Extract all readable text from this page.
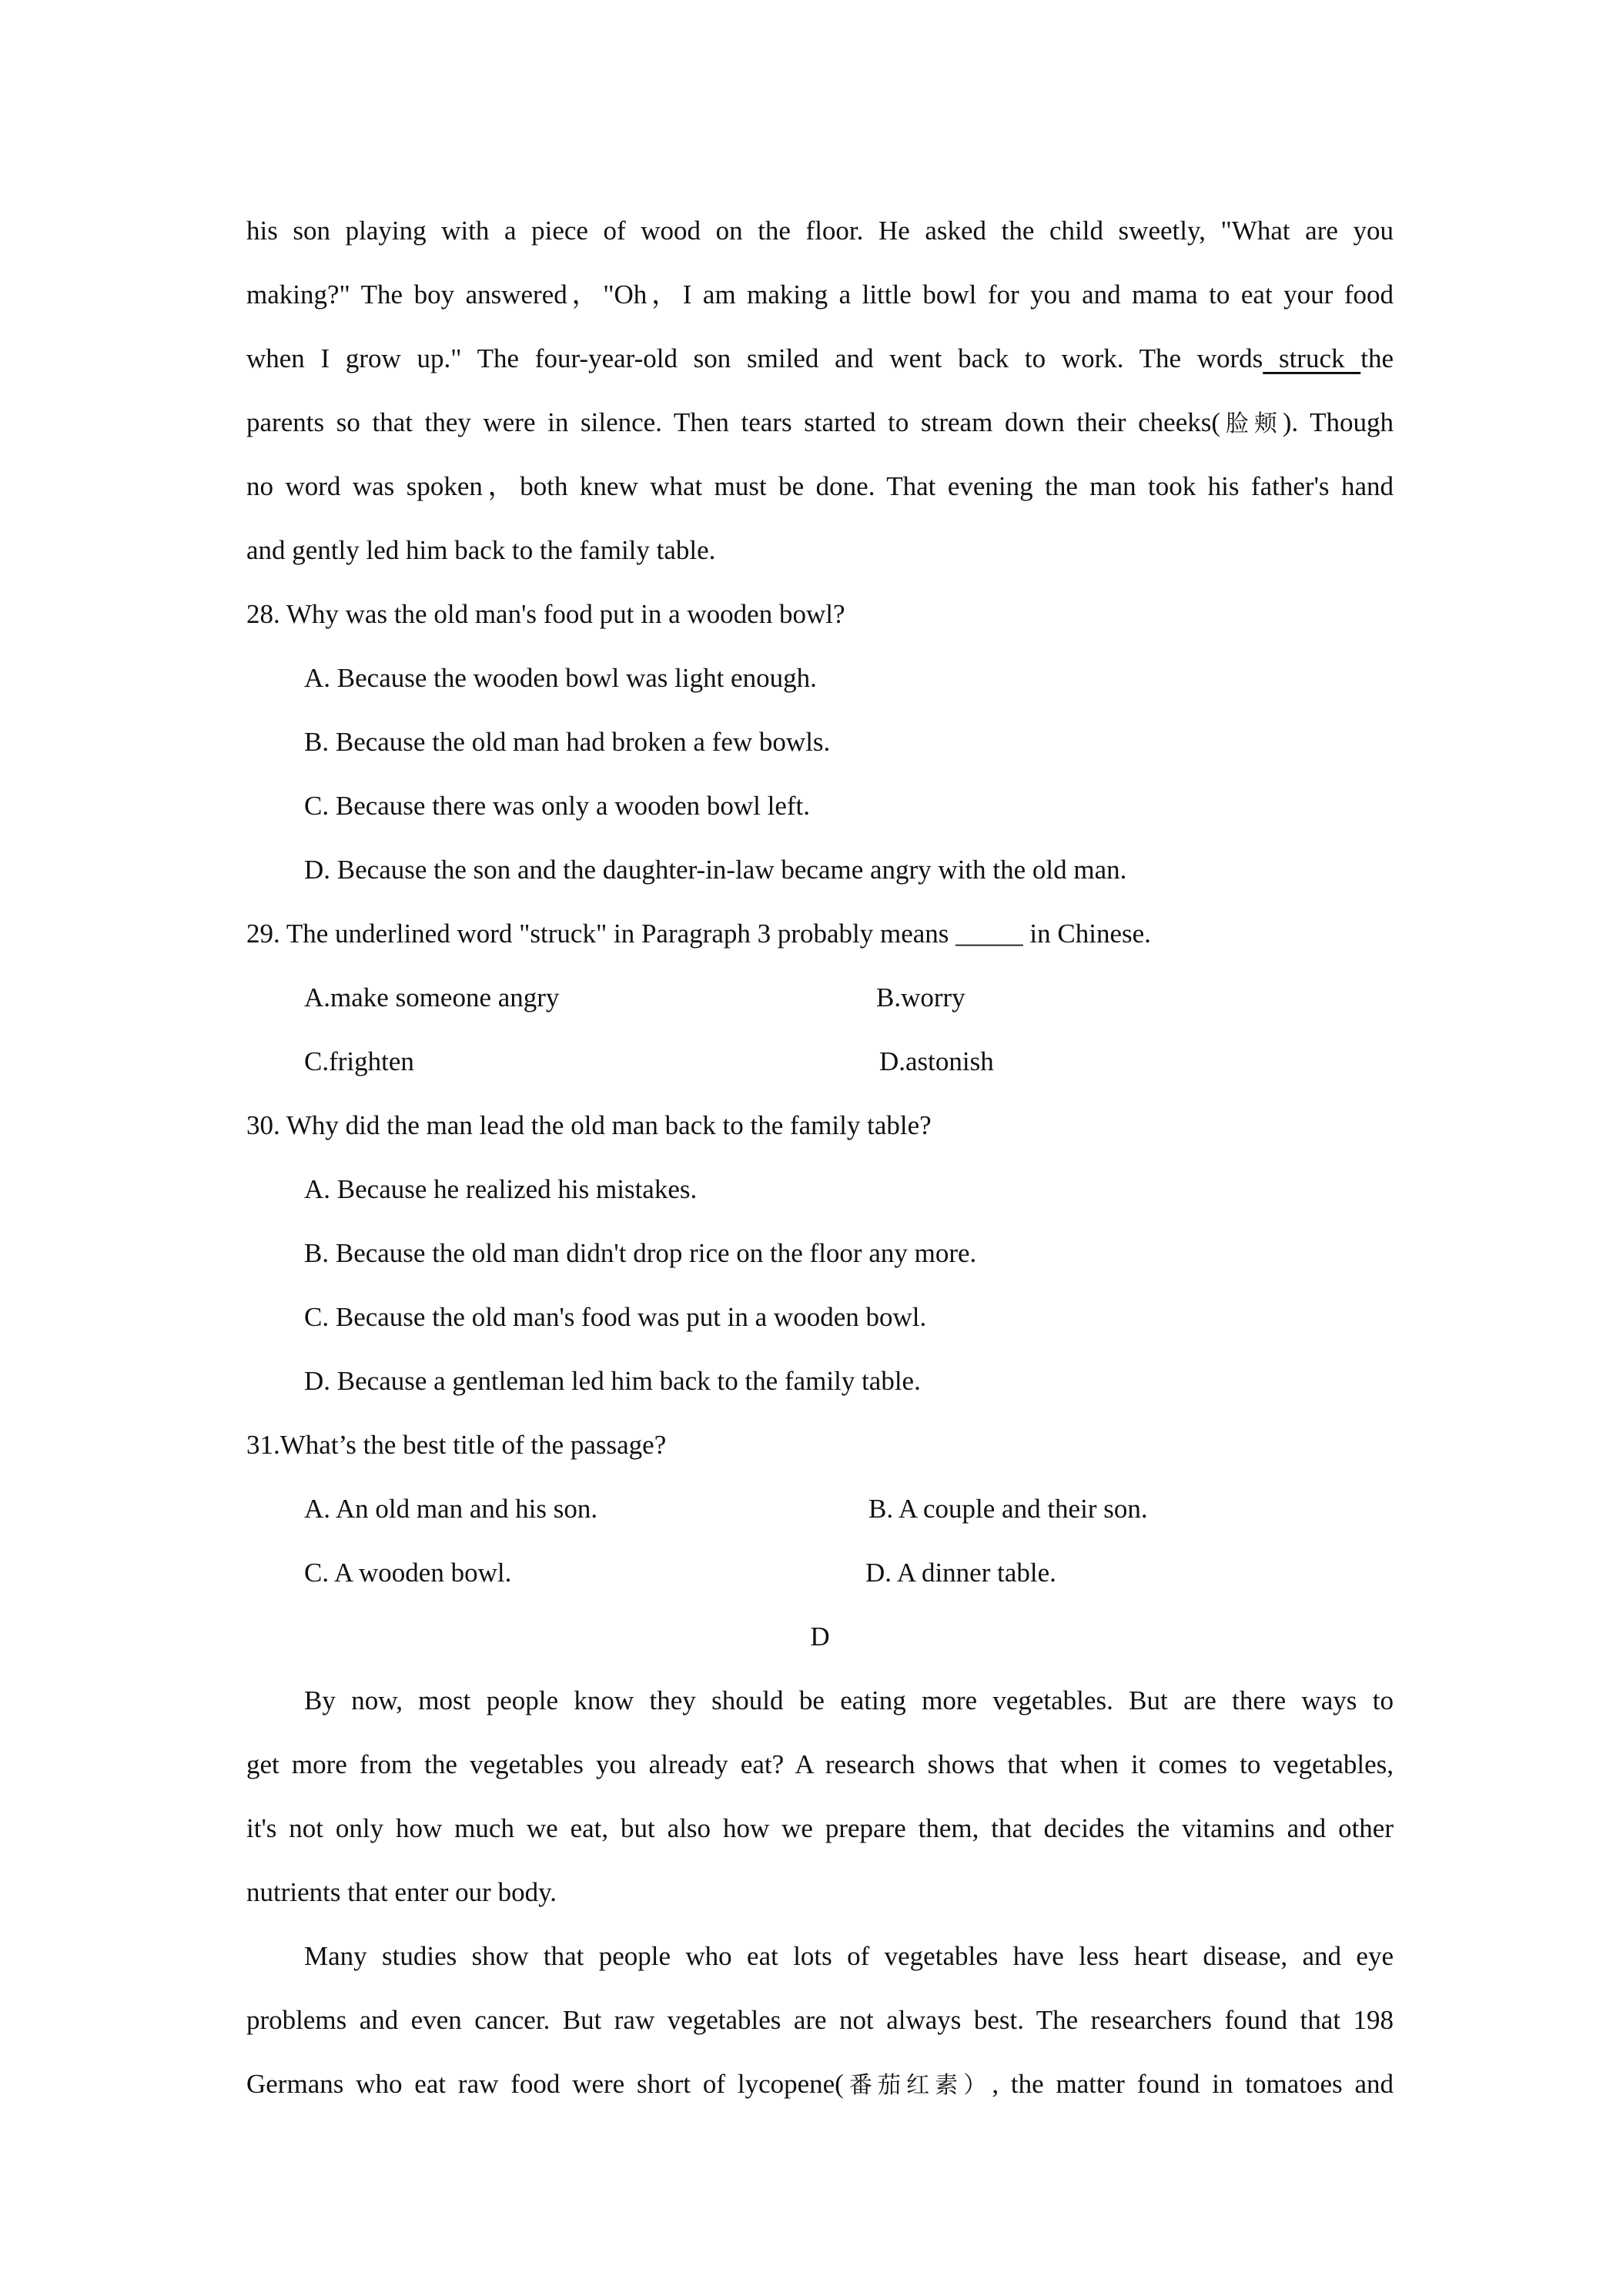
his son playing with a piece of wood on the floor. He asked the child sweetly, "What are you
making?" The boy answered，"Oh，I am making a little bowl for you and mama to eat your food
when I grow up." The four-year-old son smiled and went back to work. The words struck the
parents so that they were in silence. Then tears started to stream down their cheeks(脸颊). Though
no word was spoken，both knew what must be done. That evening the man took his father's hand
and gently led him back to the family table.
28. Why was the old man's food put in a wooden bowl?
A. Because the wooden bowl was light enough.
B. Because the old man had broken a few bowls.
C. Because there was only a wooden bowl left.
D. Because the son and the daughter-in-law became angry with the old man.
29. The underlined word "struck" in Paragraph 3 probably means _____ in Chinese.
A.make someone angry	B.worry
C.frighten	D.astonish
30. Why did the man lead the old man back to the family table?
A. Because he realized his mistakes.
B. Because the old man didn't drop rice on the floor any more.
C. Because the old man's food was put in a wooden bowl.
D. Because a gentleman led him back to the family table.
31.What’s the best title of the passage?
A. An old man and his son.	B. A couple and their son.
C. A wooden bowl.	D. A dinner table.
D
By now, most people know they should be eating more vegetables. But are there ways to
get more from the vegetables you already eat? A research shows that when it comes to vegetables,
it's not only how much we eat, but also how we prepare them, that decides the vitamins and other
nutrients that enter our body.
Many studies show that people who eat lots of vegetables have less heart disease, and eye
problems and even cancer. But raw vegetables are not always best. The researchers found that 198
Germans who eat raw food were short of lycopene(番茄红素）, the matter found in tomatoes and
